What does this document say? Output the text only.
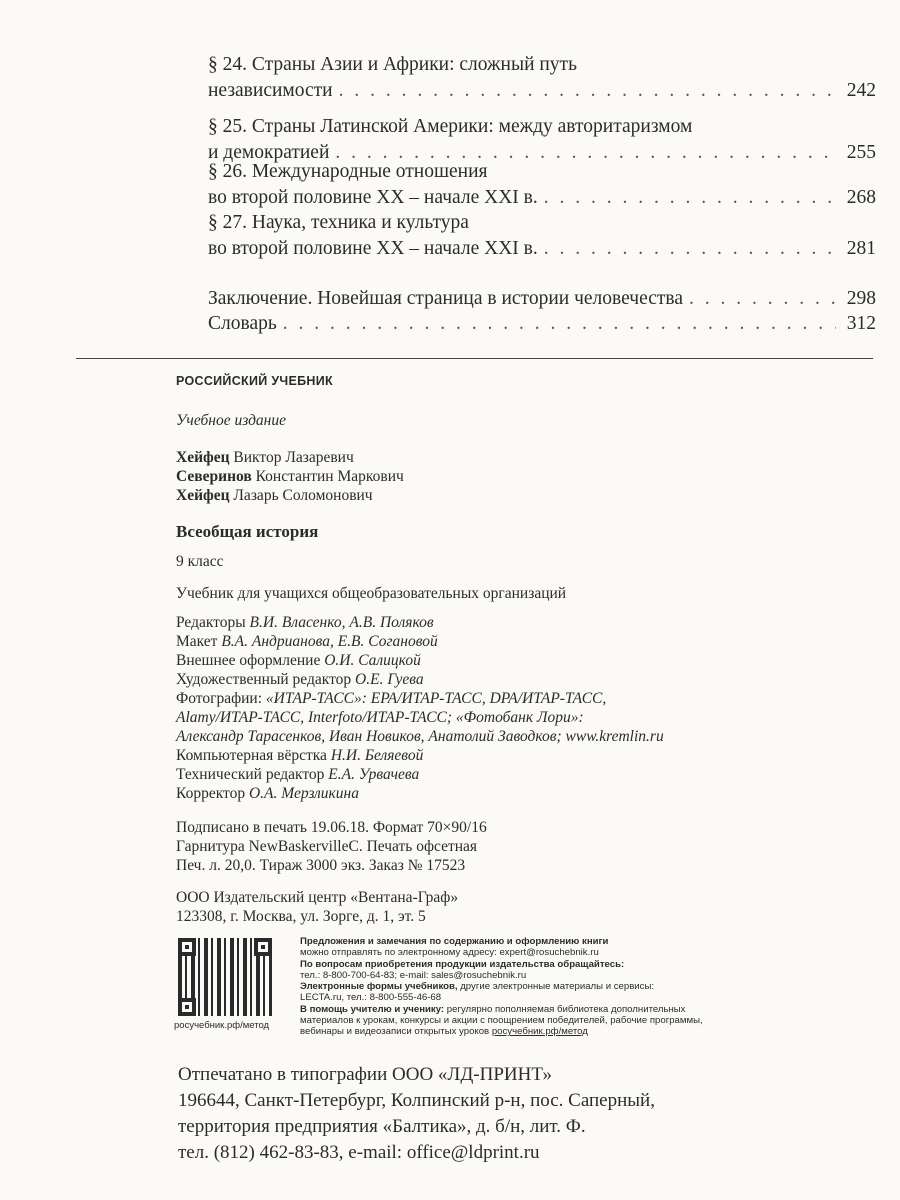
§ 24. Страны Азии и Африки: сложный путь
независимости . . .	242
§ 25. Страны Латинской Америки: между авторитаризмом
и демократией . . .	255
§ 26. Международные отношения
во второй половине XX – начале XXI в. . . .	268
§ 27. Наука, техника и культура
во второй половине XX – начале XXI в. . . .	281
Заключение. Новейшая страница в истории человечества . . .	298
Словарь . . .	312
РОССИЙСКИЙ УЧЕБНИК
Учебное издание
Хейфец Виктор Лазаревич
Северинов Константин Маркович
Хейфец Лазарь Соломонович
Всеобщая история
9 класс
Учебник для учащихся общеобразовательных организаций
Редакторы В.И. Власенко, А.В. Поляков
Макет В.А. Андрианова, Е.В. Согановой
Внешнее оформление О.И. Салицкой
Художественный редактор О.Е. Гуева
Фотографии: «ИТАР-ТАСС»: EPA/ИТАР-ТАСС, DPA/ИТАР-ТАСС,
Alamy/ИТАР-ТАСС, Interfoto/ИТАР-ТАСС; «Фотобанк Лори»:
Александр Тарасенков, Иван Новиков, Анатолий Заводков; www.kremlin.ru
Компьютерная вёрстка Н.И. Беляевой
Технический редактор Е.А. Урвачева
Корректор О.А. Мерзликина
Подписано в печать 19.06.18. Формат 70×90/16
Гарнитура NewBaskervilleC. Печать офсетная
Печ. л. 20,0. Тираж 3000 экз. Заказ № 17523
ООО Издательский центр «Вентана-Граф»
123308, г. Москва, ул. Зорге, д. 1, эт. 5
росучебник.рф/метод
Предложения и замечания по содержанию и оформлению книги
можно отправлять по электронному адресу: expert@rosuchebnik.ru
По вопросам приобретения продукции издательства обращайтесь:
тел.: 8-800-700-64-83; e-mail: sales@rosuchebnik.ru
Электронные формы учебников, другие электронные материалы и сервисы:
LECTA.ru, тел.: 8-800-555-46-68
В помощь учителю и ученику: регулярно пополняемая библиотека дополнительных
материалов к урокам, конкурсы и акции с поощрением победителей, рабочие программы,
вебинары и видеозаписи открытых уроков росучебник.рф/метод
Отпечатано в типографии ООО «ЛД-ПРИНТ»
196644, Санкт-Петербург, Колпинский р-н, пос. Саперный,
территория предприятия «Балтика», д. б/н, лит. Ф.
тел. (812) 462-83-83, e-mail: office@ldprint.ru
